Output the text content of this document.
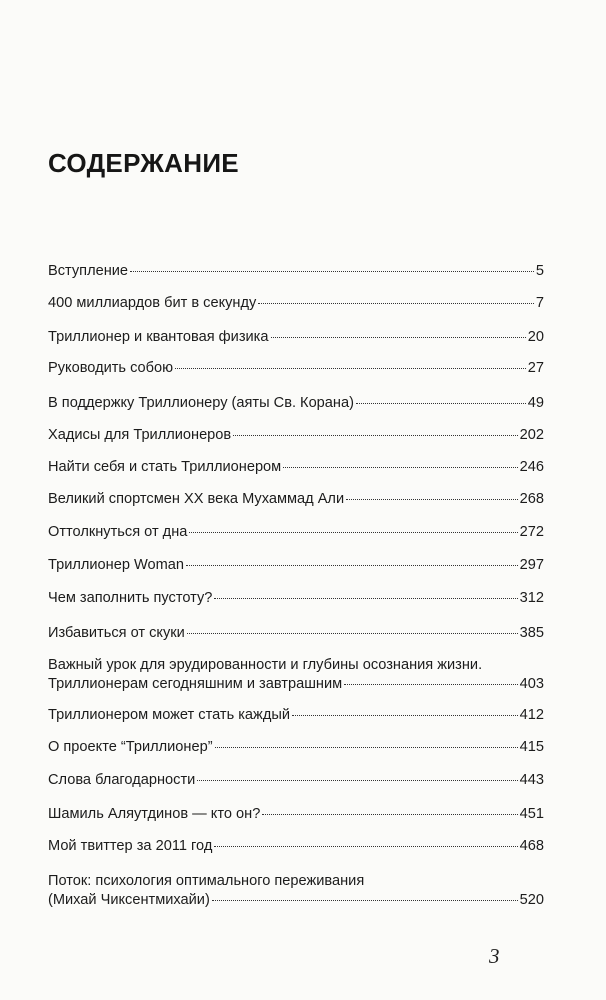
СОДЕРЖАНИЕ
Вступление	5
400 миллиардов бит в секунду	7
Триллионер и квантовая физика	20
Руководить собою	27
В поддержку Триллионеру (аяты Св. Корана)	49
Хадисы для Триллионеров	202
Найти себя и стать Триллионером	246
Великий спортсмен XX века Мухаммад Али	268
Оттолкнуться от дна	272
Триллионер Woman	297
Чем заполнить пустоту?	312
Избавиться от скуки	385
Важный урок для эрудированности и глубины осознания жизни.
Триллионерам сегодняшним и завтрашним	403
Триллионером может стать каждый	412
О проекте “Триллионер”	415
Слова благодарности	443
Шамиль Аляутдинов — кто он?	451
Мой твиттер за 2011 год	468
Поток: психология оптимального переживания
(Михай Чиксентмихайи)	520
3
